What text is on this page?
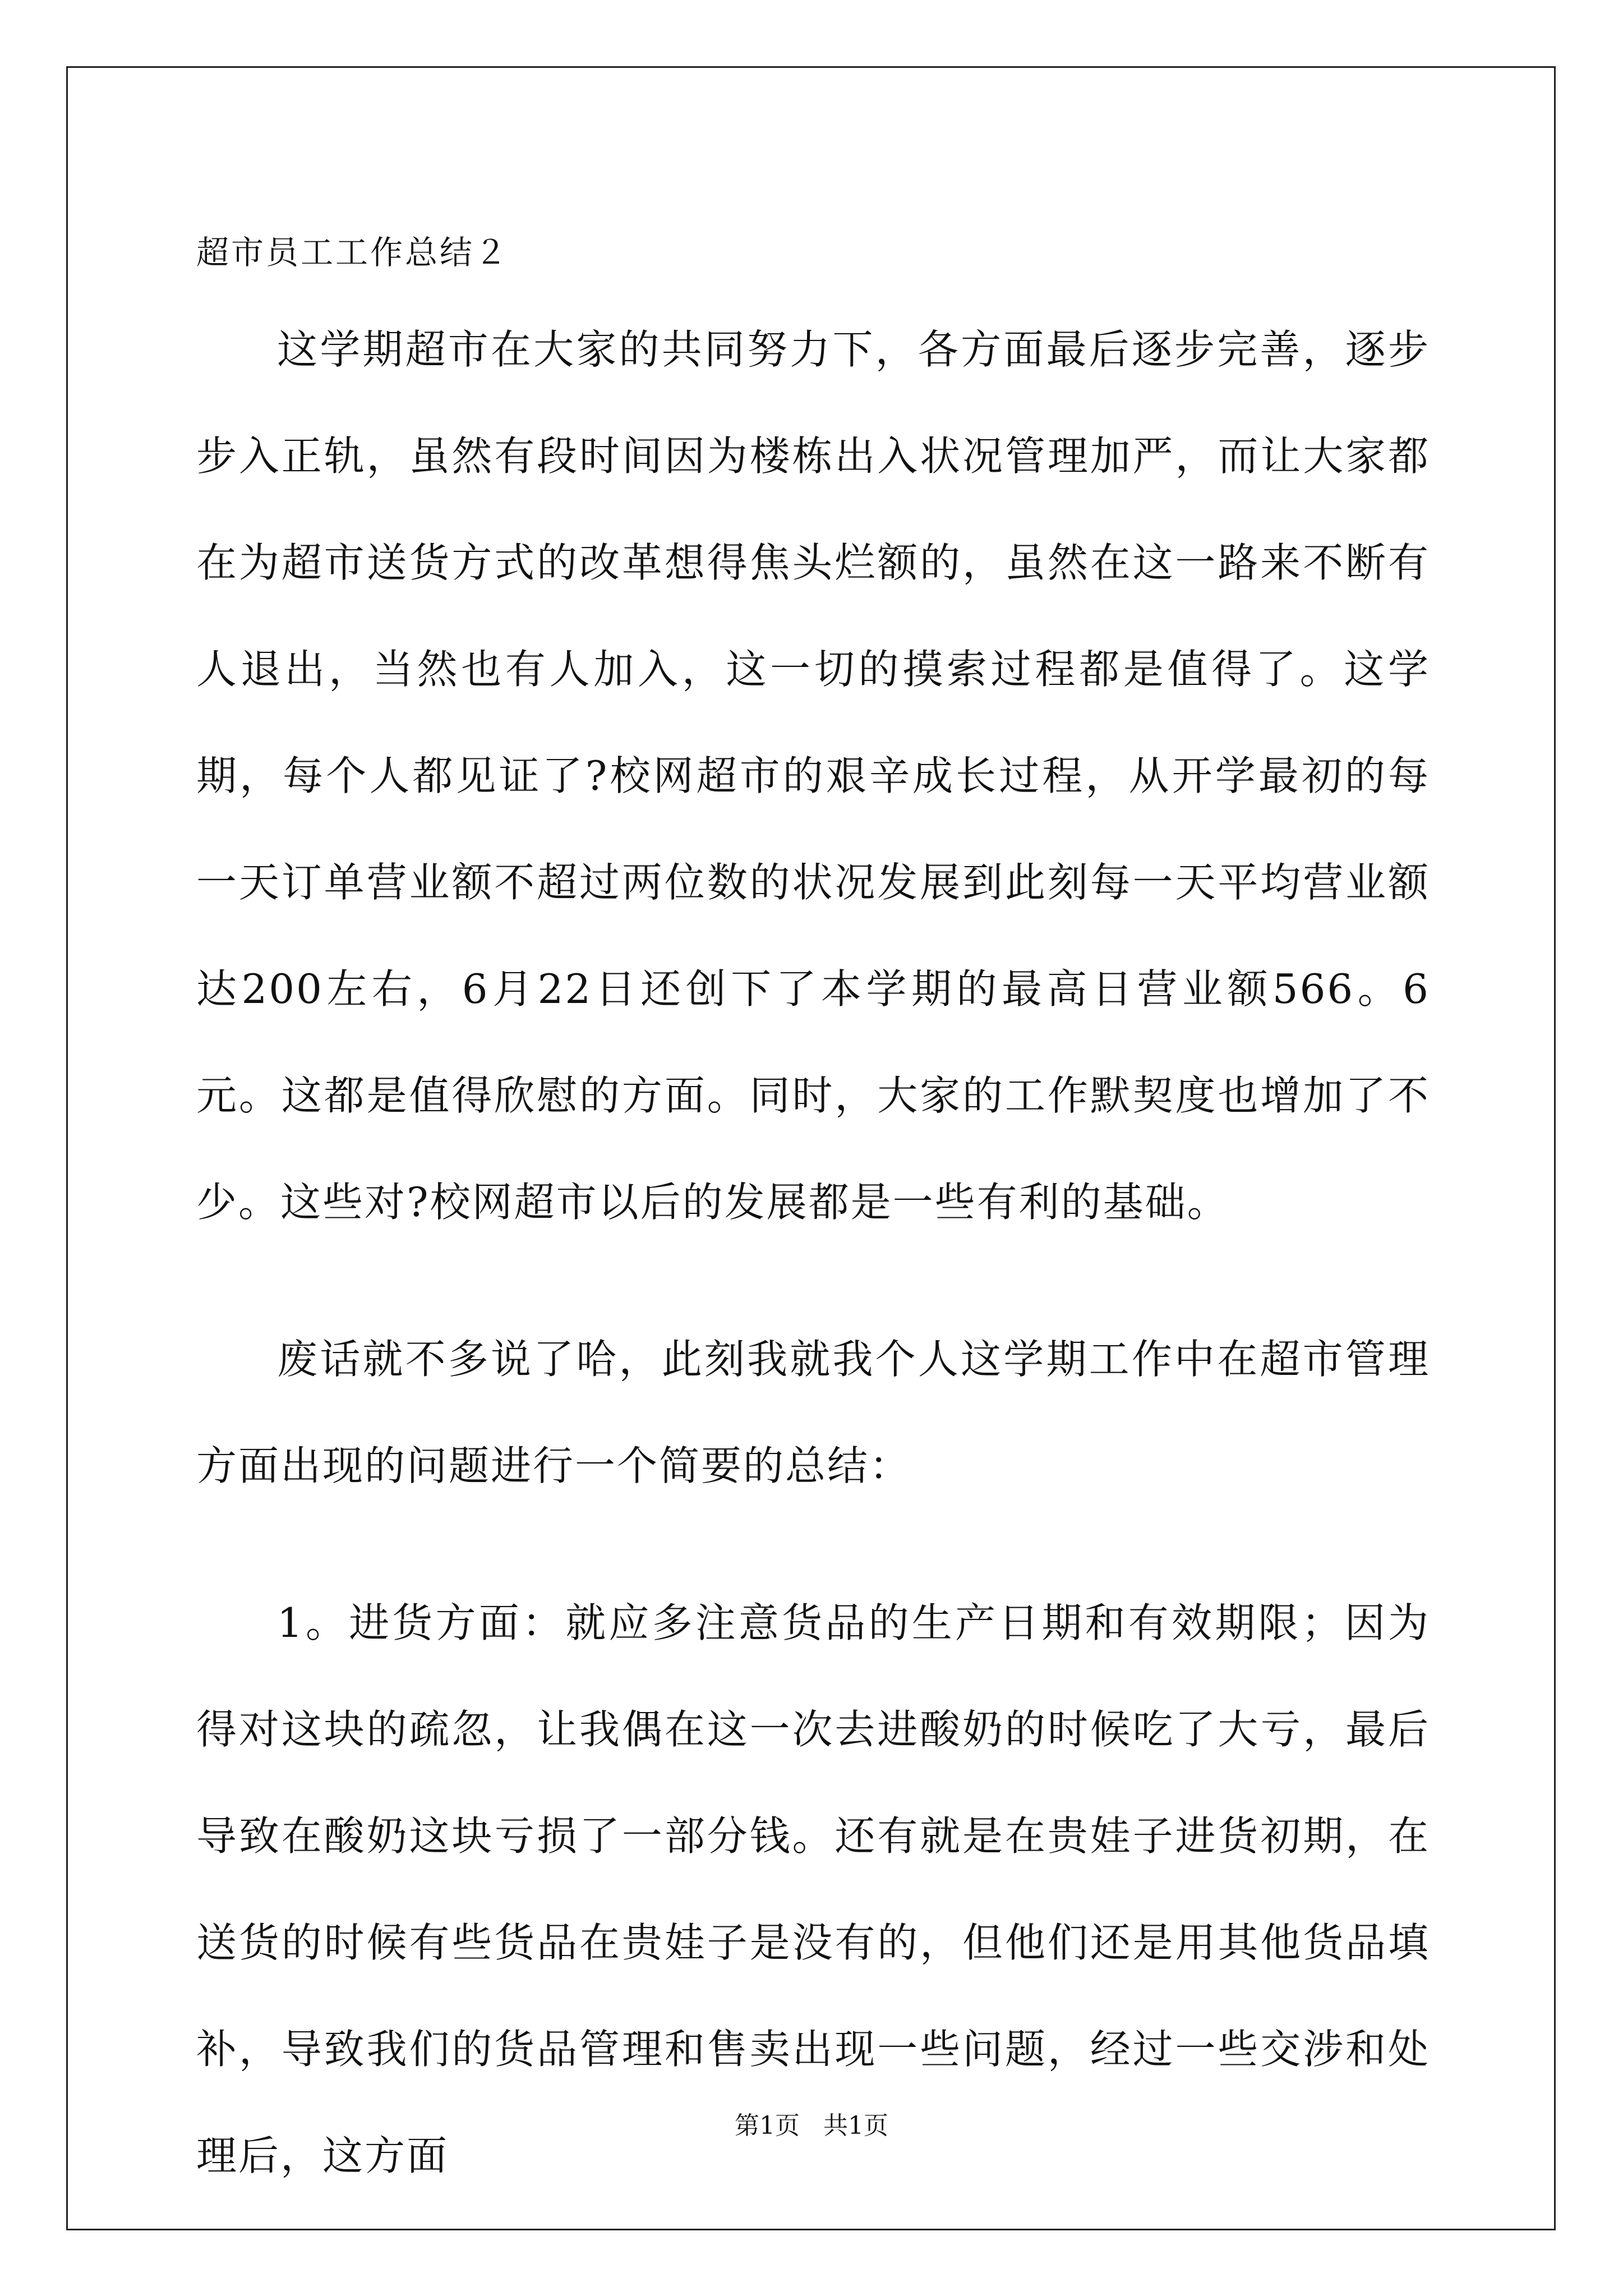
超市员工工作总结２

这学期超市在大家的共同努力下，各方面最后逐步完善，逐步步入正轨，虽然有段时间因为楼栋出入状况管理加严，而让大家都在为超市送货方式的改革想得焦头烂额的，虽然在这一路来不断有人退出，当然也有人加入，这一切的摸索过程都是值得了。这学期，每个人都见证了?校网超市的艰辛成长过程，从开学最初的每一天订单营业额不超过两位数的状况发展到此刻每一天平均营业额达200左右，6月22日还创下了本学期的最高日营业额566。6元。这都是值得欣慰的方面。同时，大家的工作默契度也增加了不少。这些对?校网超市以后的发展都是一些有利的基础。

废话就不多说了哈，此刻我就我个人这学期工作中在超市管理方面出现的问题进行一个简要的总结：

1。进货方面：就应多注意货品的生产日期和有效期限；因为得对这块的疏忽，让我偶在这一次去进酸奶的时候吃了大亏，最后导致在酸奶这块亏损了一部分钱。还有就是在贵娃子进货初期，在送货的时候有些货品在贵娃子是没有的，但他们还是用其他货品填补，导致我们的货品管理和售卖出现一些问题，经过一些交涉和处理后，这方面

第1页   共1页
